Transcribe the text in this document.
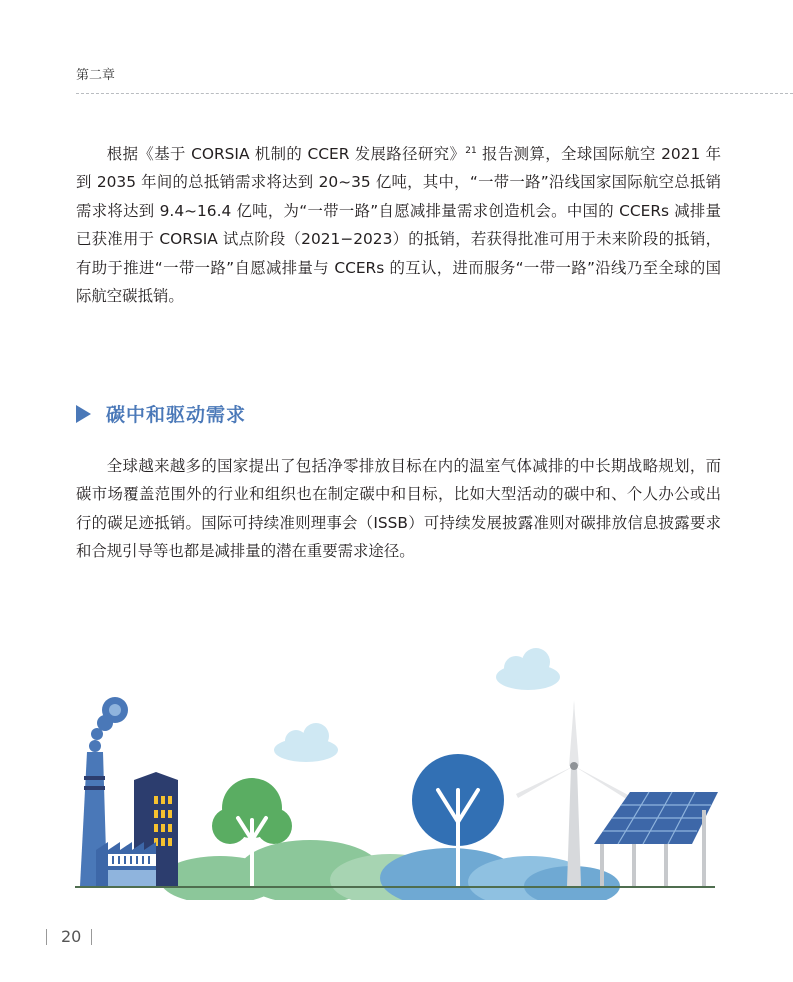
第二章

根据《基于 CORSIA 机制的 CCER 发展路径研究》$^{21}$ 报告测算，全球国际航空 2021 年到 2035 年间的总抵销需求将达到 20~35 亿吨，其中，“一带一路”沿线国家国际航空总抵销需求将达到 9.4~16.4 亿吨，为“一带一路”自愿减排量需求创造机会。中国的 CCERs 减排量已获准用于 CORSIA 试点阶段（2021−2023）的抵销，若获得批准可用于未来阶段的抵销，有助于推进“一带一路”自愿减排量与 CCERs 的互认，进而服务“一带一路”沿线乃至全球的国际航空碳抵销。

碳中和驱动需求

全球越来越多的国家提出了包括净零排放目标在内的温室气体减排的中长期战略规划，而碳市场覆盖范围外的行业和组织也在制定碳中和目标，比如大型活动的碳中和、个人办公或出行的碳足迹抵销。国际可持续准则理事会（ISSB）可持续发展披露准则对碳排放信息披露要求和合规引导等也都是减排量的潜在重要需求途径。

20
